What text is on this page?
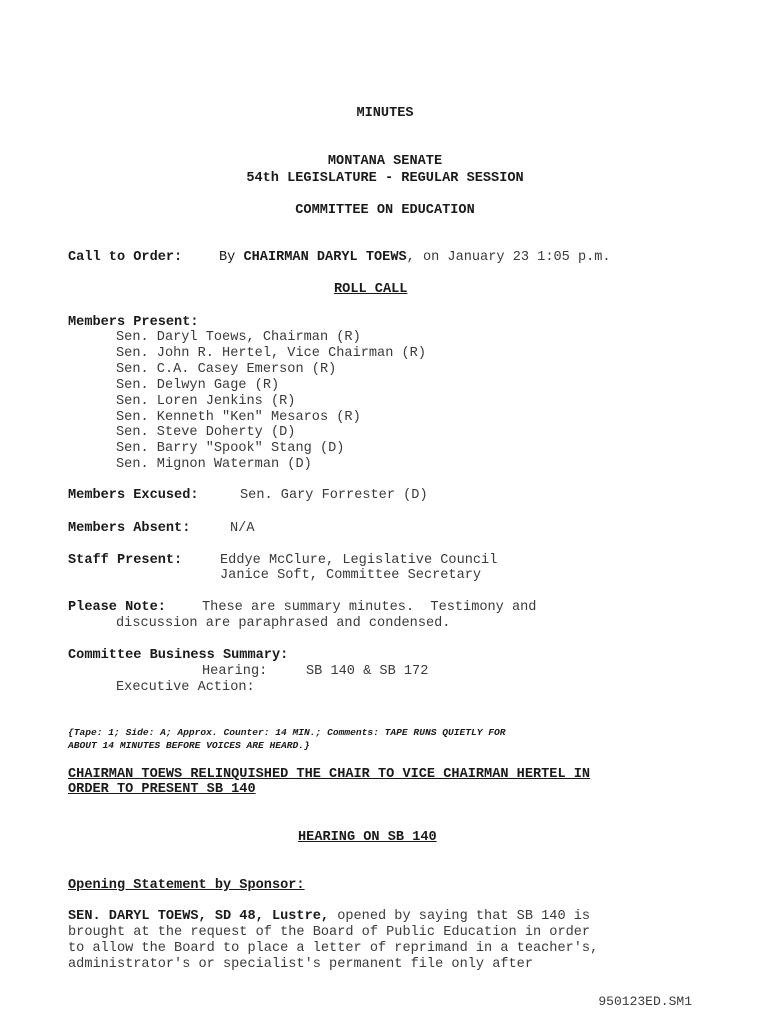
MINUTES
MONTANA SENATE
54th LEGISLATURE - REGULAR SESSION
COMMITTEE ON EDUCATION
Call to Order:	By CHAIRMAN DARYL TOEWS, on January 23 1:05 p.m.
ROLL CALL
Members Present:
Sen. Daryl Toews, Chairman (R)
Sen. John R. Hertel, Vice Chairman (R)
Sen. C.A. Casey Emerson (R)
Sen. Delwyn Gage (R)
Sen. Loren Jenkins (R)
Sen. Kenneth "Ken" Mesaros (R)
Sen. Steve Doherty (D)
Sen. Barry "Spook" Stang (D)
Sen. Mignon Waterman (D)
Members Excused:	Sen. Gary Forrester (D)
Members Absent:	N/A
Staff Present:	Eddye McClure, Legislative Council
Janice Soft, Committee Secretary
Please Note:	These are summary minutes.  Testimony and
discussion are paraphrased and condensed.
Committee Business Summary:
Hearing:	SB 140 & SB 172
Executive Action:
{Tape: 1; Side: A; Approx. Counter: 14 MIN.; Comments: TAPE RUNS QUIETLY FOR
ABOUT 14 MINUTES BEFORE VOICES ARE HEARD.}
CHAIRMAN TOEWS RELINQUISHED THE CHAIR TO VICE CHAIRMAN HERTEL IN
ORDER TO PRESENT SB 140
HEARING ON SB 140
Opening Statement by Sponsor:
SEN. DARYL TOEWS, SD 48, Lustre, opened by saying that SB 140 is
brought at the request of the Board of Public Education in order
to allow the Board to place a letter of reprimand in a teacher's,
administrator's or specialist's permanent file only after
950123ED.SM1
